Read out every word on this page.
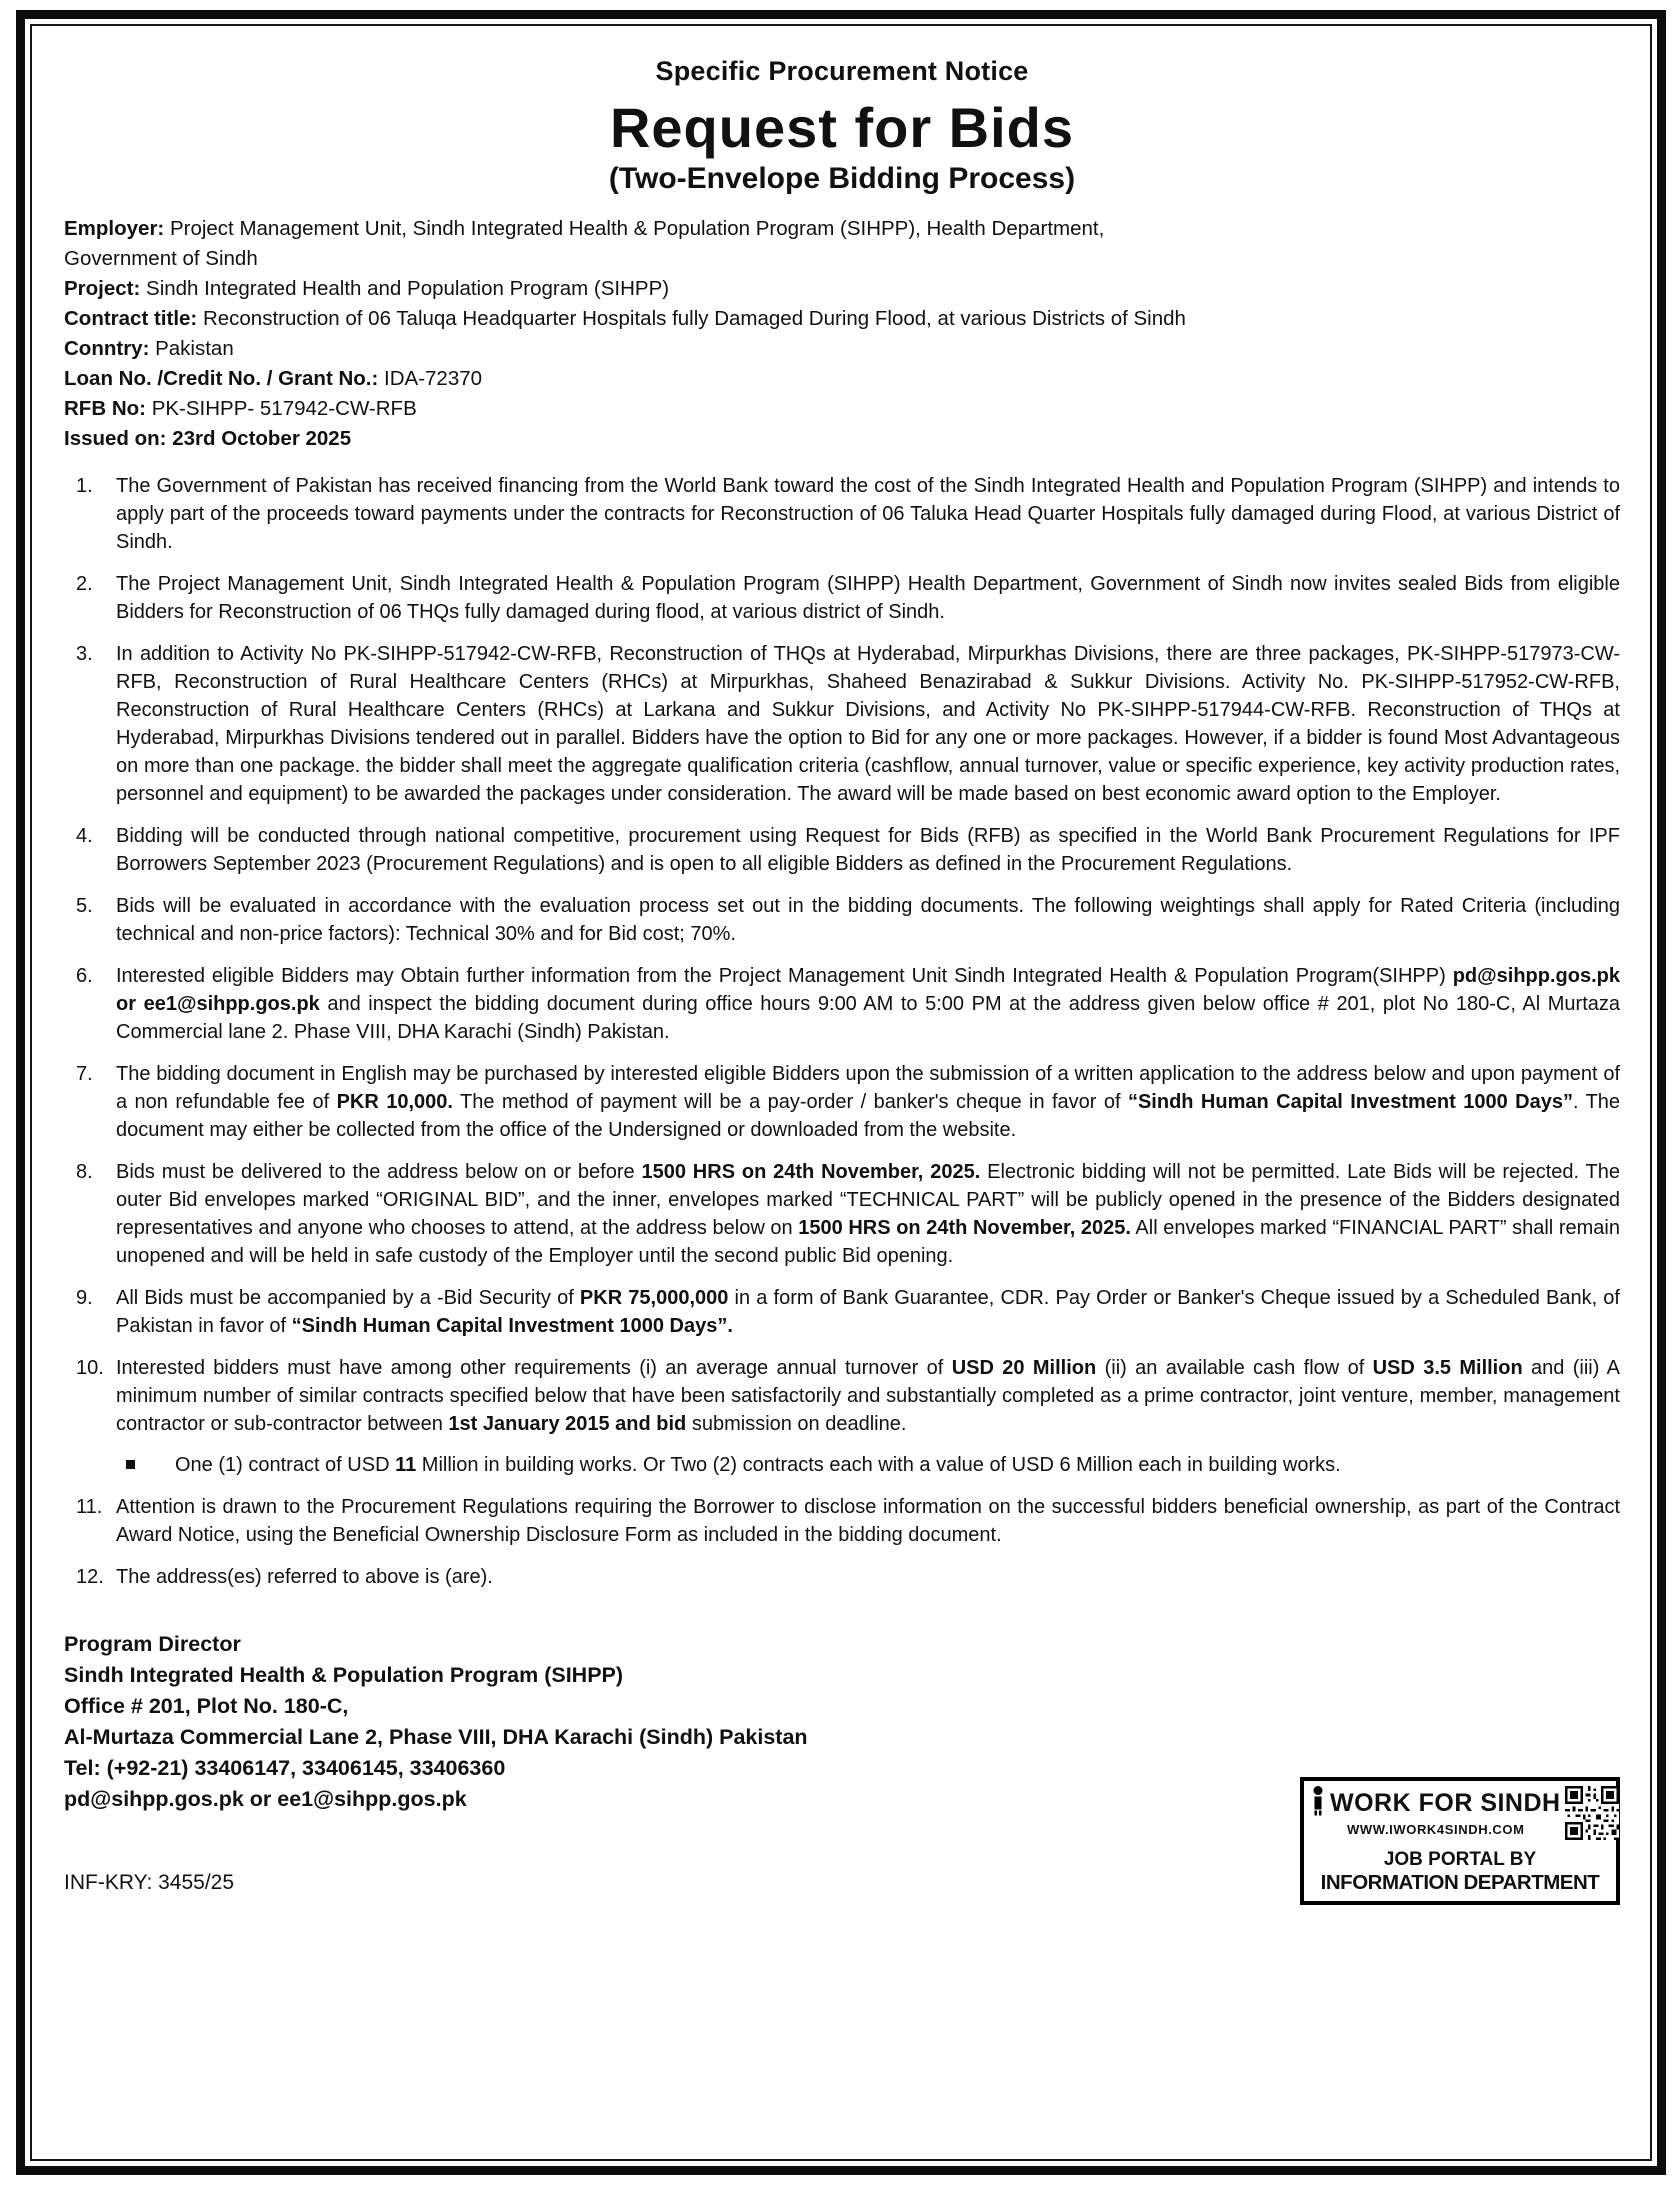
Specific Procurement Notice
Request for Bids
(Two-Envelope Bidding Process)
Employer: Project Management Unit, Sindh Integrated Health & Population Program (SIHPP), Health Department,
Government of Sindh
Project: Sindh Integrated Health and Population Program (SIHPP)
Contract title: Reconstruction of 06 Taluqa Headquarter Hospitals fully Damaged During Flood, at various Districts of Sindh
Conntry: Pakistan
Loan No. /Credit No. / Grant No.: IDA-72370
RFB No: PK-SIHPP- 517942-CW-RFB
Issued on: 23rd October 2025
1.	The Government of Pakistan has received financing from the World Bank toward the cost of the Sindh Integrated Health and Population Program (SIHPP) and intends to apply part of the proceeds toward payments under the contracts for Reconstruction of 06 Taluka Head Quarter Hospitals fully damaged during Flood, at various District of Sindh.
2.	The Project Management Unit, Sindh Integrated Health & Population Program (SIHPP) Health Department, Government of Sindh now invites sealed Bids from eligible Bidders for Reconstruction of 06 THQs fully damaged during flood, at various district of Sindh.
3.	In addition to Activity No PK-SIHPP-517942-CW-RFB, Reconstruction of THQs at Hyderabad, Mirpurkhas Divisions, there are three packages, PK-SIHPP-517973-CW-RFB, Reconstruction of Rural Healthcare Centers (RHCs) at Mirpurkhas, Shaheed Benazirabad & Sukkur Divisions. Activity No. PK-SIHPP-517952-CW-RFB, Reconstruction of Rural Healthcare Centers (RHCs) at Larkana and Sukkur Divisions, and Activity No PK-SIHPP-517944-CW-RFB. Reconstruction of THQs at Hyderabad, Mirpurkhas Divisions tendered out in parallel. Bidders have the option to Bid for any one or more packages. However, if a bidder is found Most Advantageous on more than one package. the bidder shall meet the aggregate qualification criteria (cashflow, annual turnover, value or specific experience, key activity production rates, personnel and equipment) to be awarded the packages under consideration. The award will be made based on best economic award option to the Employer.
4.	Bidding will be conducted through national competitive, procurement using Request for Bids (RFB) as specified in the World Bank Procurement Regulations for IPF Borrowers September 2023 (Procurement Regulations) and is open to all eligible Bidders as defined in the Procurement Regulations.
5.	Bids will be evaluated in accordance with the evaluation process set out in the bidding documents. The following weightings shall apply for Rated Criteria (including technical and non-price factors): Technical 30% and for Bid cost; 70%.
6.	Interested eligible Bidders may Obtain further information from the Project Management Unit Sindh Integrated Health & Population Program(SIHPP) pd@sihpp.gos.pk or ee1@sihpp.gos.pk and inspect the bidding document during office hours 9:00 AM to 5:00 PM at the address given below office # 201, plot No 180-C, Al Murtaza Commercial lane 2. Phase VIII, DHA Karachi (Sindh) Pakistan.
7.	The bidding document in English may be purchased by interested eligible Bidders upon the submission of a written application to the address below and upon payment of a non refundable fee of PKR 10,000. The method of payment will be a pay-order / banker's cheque in favor of “Sindh Human Capital Investment 1000 Days”. The document may either be collected from the office of the Undersigned or downloaded from the website.
8.	Bids must be delivered to the address below on or before 1500 HRS on 24th November, 2025. Electronic bidding will not be permitted. Late Bids will be rejected. The outer Bid envelopes marked “ORIGINAL BID”, and the inner, envelopes marked “TECHNICAL PART” will be publicly opened in the presence of the Bidders designated representatives and anyone who chooses to attend, at the address below on 1500 HRS on 24th November, 2025. All envelopes marked “FINANCIAL PART” shall remain unopened and will be held in safe custody of the Employer until the second public Bid opening.
9.	All Bids must be accompanied by a -Bid Security of PKR 75,000,000 in a form of Bank Guarantee, CDR. Pay Order or Banker's Cheque issued by a Scheduled Bank, of Pakistan in favor of “Sindh Human Capital Investment 1000 Days”.
10. Interested bidders must have among other requirements (i) an average annual turnover of USD 20 Million (ii) an available cash flow of USD 3.5 Million and (iii) A minimum number of similar contracts specified below that have been satisfactorily and substantially completed as a prime contractor, joint venture, member, management contractor or sub-contractor between 1st January 2015 and bid submission on deadline.
One (1) contract of USD 11 Million in building works. Or Two (2) contracts each with a value of USD 6 Million each in building works.
11. Attention is drawn to the Procurement Regulations requiring the Borrower to disclose information on the successful bidders beneficial ownership, as part of the Contract Award Notice, using the Beneficial Ownership Disclosure Form as included in the bidding document.
12. The address(es) referred to above is (are).
Program Director
Sindh Integrated Health & Population Program (SIHPP)
Office # 201, Plot No. 180-C,
Al-Murtaza Commercial Lane 2, Phase VIII, DHA Karachi (Sindh) Pakistan
Tel: (+92-21) 33406147, 33406145, 33406360
pd@sihpp.gos.pk or ee1@sihpp.gos.pk
INF-KRY: 3455/25
WORK FOR SINDH
WWW.IWORK4SINDH.COM
JOB PORTAL BY
INFORMATION DEPARTMENT
